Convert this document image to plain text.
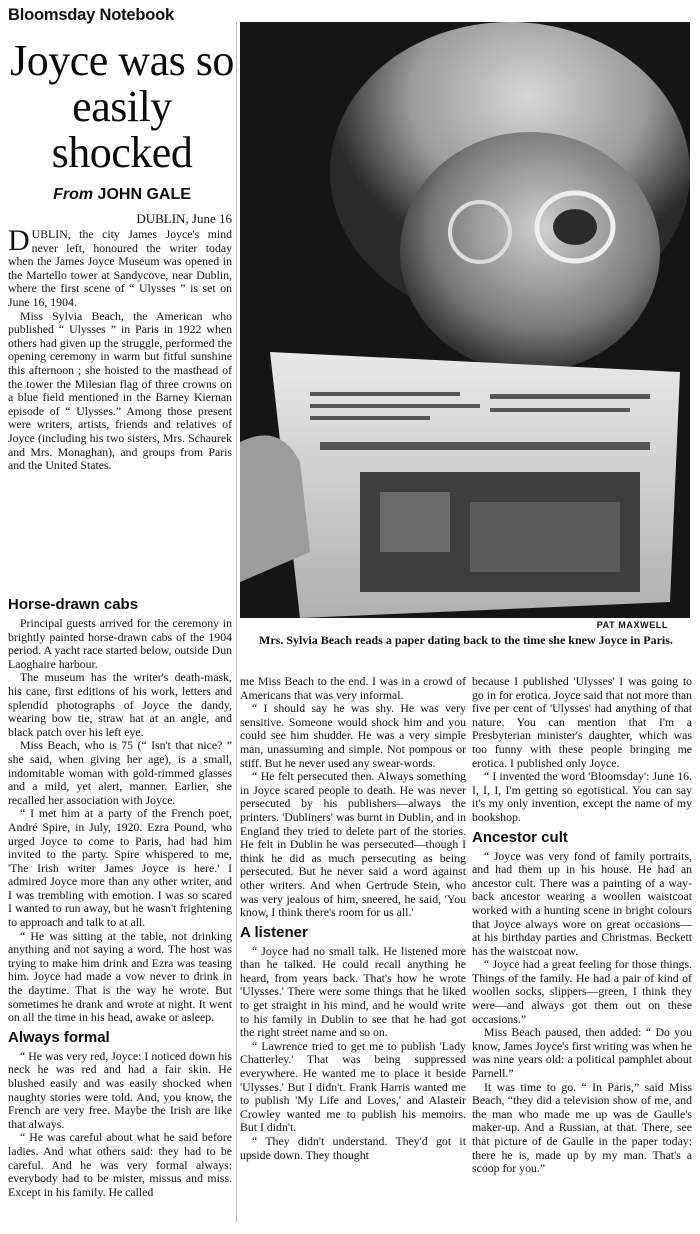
Bloomsday Notebook
Joyce was so easily shocked
From JOHN GALE
DUBLIN, June 16
PAT MAXWELL
Mrs. Sylvia Beach reads a paper dating back to the time she knew Joyce in Paris.

DUBLIN, the city James Joyce's mind never left, honoured the writer today when the James Joyce Museum was opened in the Martello tower at Sandycove, near Dublin, where the first scene of “ Ulysses ” is set on June 16, 1904.

Miss Sylvia Beach, the American who published “ Ulysses ” in Paris in 1922 when others had given up the struggle, performed the opening ceremony in warm but fitful sunshine this afternoon ; she hoisted to the masthead of the tower the Milesian flag of three crowns on a blue field mentioned in the Barney Kiernan episode of “ Ulysses.” Among those present were writers, artists, friends and relatives of Joyce (including his two sisters, Mrs. Schaurek and Mrs. Monaghan), and groups from Paris and the United States.

Horse-drawn cabs

Principal guests arrived for the ceremony in brightly painted horse-drawn cabs of the 1904 period. A yacht race started below, outside Dun Laoghaire harbour.

The museum has the writer's death-mask, his cane, first editions of his work, letters and splendid photographs of Joyce the dandy, wearing bow tie, straw hat at an angle, and black patch over his left eye.

Miss Beach, who is 75 (“ Isn't that nice? ” she said, when giving her age), is a small, indomitable woman with gold-rimmed glasses and a mild, yet alert, manner. Earlier, she recalled her association with Joyce.

“ I met him at a party of the French poet, André Spire, in July, 1920. Ezra Pound, who urged Joyce to come to Paris, had had him invited to the party. Spire whispered to me, 'The Irish writer James Joyce is here.' I admired Joyce more than any other writer, and I was trembling with emotion. I was so scared I wanted to run away, but he wasn't frightening to approach and talk to at all.

“ He was sitting at the table, not drinking anything and not saying a word. The host was trying to make him drink and Ezra was teasing him. Joyce had made a vow never to drink in the daytime. That is the way he wrote. But sometimes he drank and wrote at night. It went on all the time in his head, awake or asleep.

Always formal

“ He was very red, Joyce: I noticed down his neck he was red and had a fair skin. He blushed easily and was easily shocked when naughty stories were told. And, you know, the French are very free. Maybe the Irish are like that always.

“ He was careful about what he said before ladies. And what others said: they had to be careful. And he was very formal always: everybody had to be mister, missus and miss. Except in his family. He called

me Miss Beach to the end. I was in a crowd of Americans that was very informal.

“ I should say he was shy. He was very sensitive. Someone would shock him and you could see him shudder. He was a very simple man, unassuming and simple. Not pompous or stiff. But he never used any swear-words.

“ He felt persecuted then. Always something in Joyce scared people to death. He was never persecuted by his publishers—always the printers. 'Dubliners' was burnt in Dublin, and in England they tried to delete part of the stories. He felt in Dublin he was persecuted—though I think he did as much persecuting as being persecuted. But he never said a word against other writers. And when Gertrude Stein, who was very jealous of him, sneered, he said, 'You know, I think there's room for us all.'

A listener

“ Joyce had no small talk. He listened more than he talked. He could recall anything he heard, from years back. That's how he wrote 'Ulysses.' There were some things that he liked to get straight in his mind, and he would write to his family in Dublin to see that he had got the right street name and so on.

“ Lawrence tried to get me to publish 'Lady Chatterley.' That was being suppressed everywhere. He wanted me to place it beside 'Ulysses.' But I didn't. Frank Harris wanted me to publish 'My Life and Loves,' and Alasteir Crowley wanted me to publish his memoirs. But I didn't.

“ They didn't understand. They'd got it upside down. They thought

because I published 'Ulysses' I was going to go in for erotica. Joyce said that not more than five per cent of 'Ulysses' had anything of that nature. You can mention that I'm a Presbyterian minister's daughter, which was too funny with these people bringing me erotica. I published only Joyce.

“ I invented the word 'Bloomsday': June 16. I, I, I, I'm getting so egotistical. You can say it's my only invention, except the name of my bookshop.

Ancestor cult

“ Joyce was very fond of family portraits, and had them up in his house. He had an ancestor cult. There was a painting of a way-back ancestor wearing a woollen waistcoat worked with a hunting scene in bright colours that Joyce always wore on great occasions—at his birthday parties and Christmas. Beckett has the waistcoat now.

“ Joyce had a great feeling for those things. Things of the family. He had a pair of kind of woollen socks, slippers—green, I think they were—and always got them out on these occasions.”

Miss Beach paused, then added: “ Do you know, James Joyce's first writing was when he was nine years old: a political pamphlet about Parnell.”

It was time to go. “ In Paris,” said Miss Beach, “they did a television show of me, and the man who made me up was de Gaulle's maker-up. And a Russian, at that. There, see that picture of de Gaulle in the paper today: there he is, made up by my man. That's a scoop for you.”
